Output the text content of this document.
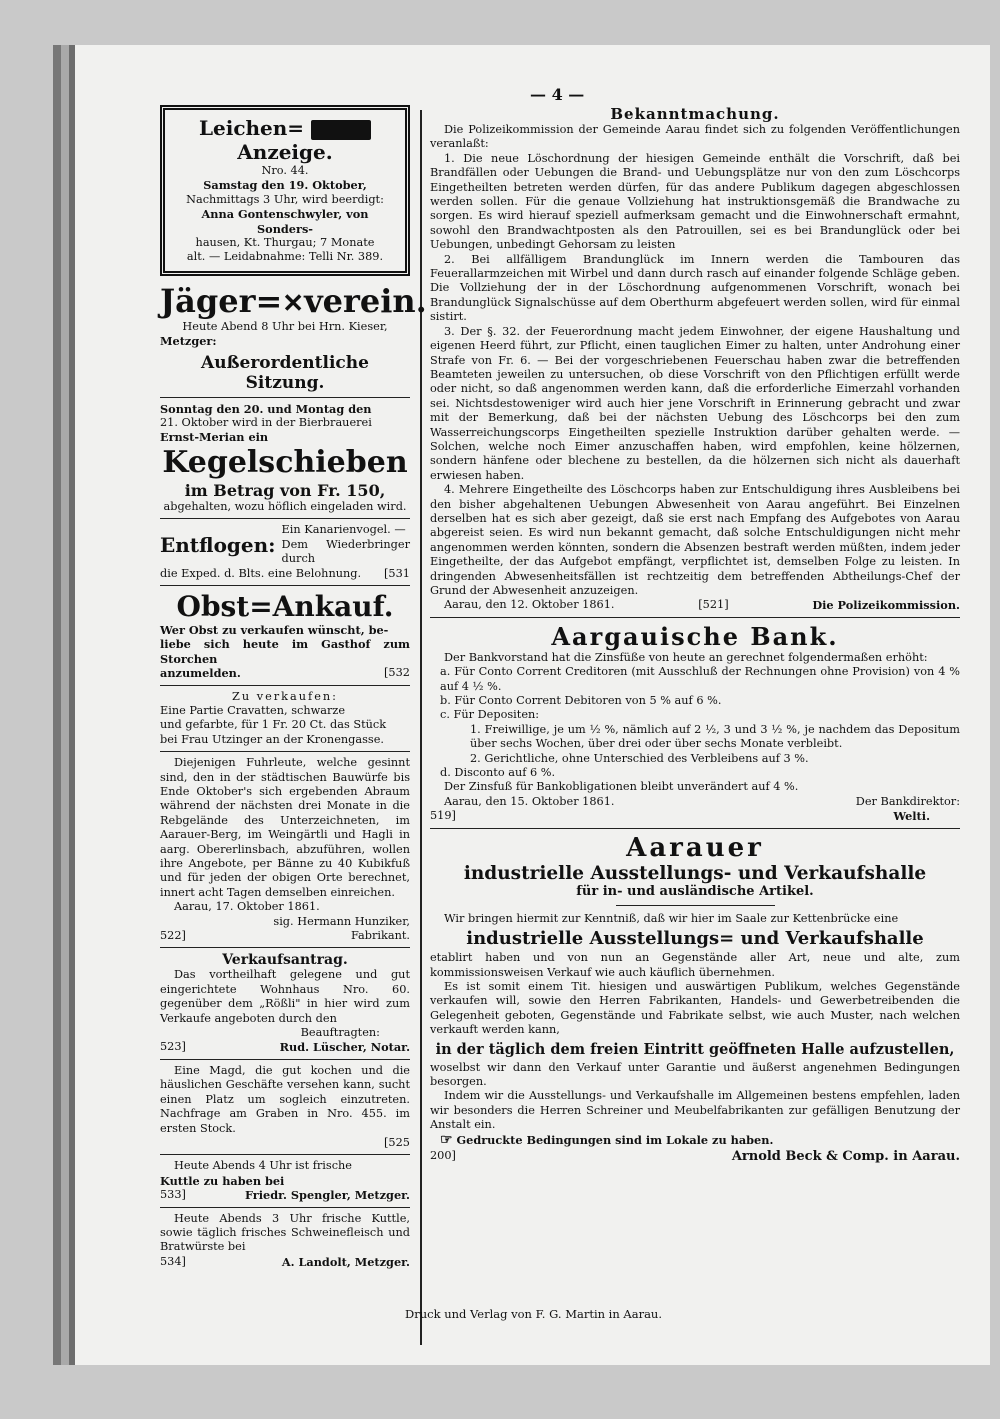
— 4 —
Leichen=  Anzeige.
Nro. 44.
Samstag den 19. Oktober,
Nachmittags 3 Uhr, wird beerdigt:
Anna Gontenschwyler, von Sonders-
hausen, Kt. Thurgau; 7 Monate
alt. — Leidabnahme: Telli Nr. 389.
Jäger=✕verein.
Heute Abend 8 Uhr bei Hrn. Kieser,
Metzger:
Außerordentliche Sitzung.
Sonntag den 20. und Montag den
21. Oktober wird in der Bierbrauerei
Ernst-Merian ein
Kegelschieben
im Betrag von Fr. 150,
abgehalten, wozu höflich eingeladen wird.
Entflogen:
Ein Kanarienvogel. —
Dem Wiederbringer durch
die Exped. d. Blts. eine Belohnung. [531
Obst=Ankauf.
Wer Obst zu verkaufen wünscht, be-
liebe sich heute im Gasthof zum Storchen
anzumelden.	[532
Zu verkaufen:
Eine Partie Cravatten, schwarze
und gefarbte, für 1 Fr. 20 Ct. das Stück
bei Frau Utzinger an der Kronengasse.

Diejenigen Fuhrleute, welche gesinnt sind, den in der städtischen Bauwürfe bis Ende Oktober's sich ergebenden Abraum während der nächsten drei Monate in die Rebgelände des Unterzeichneten, im Aarauer-Berg, im Weingärtli und Hagli in aarg. Obererlinsbach, abzuführen, wollen ihre Angebote, per Bänne zu 40 Kubikfuß und für jeden der obigen Orte berechnet, innert acht Tagen demselben einreichen.

Aarau, 17. Oktober 1861.
sig. Hermann Hunziker,
522]	Fabrikant.
Verkaufsantrag.

Das vortheilhaft gelegene und gut eingerichtete Wohnhaus Nro. 60. gegenüber dem „Rößli" in hier wird zum Verkaufe angeboten durch den

Beauftragten:
523]	Rud. Lüscher, Notar.

Eine Magd, die gut kochen und die häuslichen Geschäfte versehen kann, sucht einen Platz um sogleich einzutreten. Nachfrage am Graben in Nro. 455. im ersten Stock.

[525
Heute Abends 4 Uhr ist frische
Kuttle zu haben bei
533]	Friedr. Spengler, Metzger.

Heute Abends 3 Uhr frische Kuttle, sowie täglich frisches Schweinefleisch und Bratwürste bei

534]	A. Landolt, Metzger.
Bekanntmachung.

Die Polizeikommission der Gemeinde Aarau findet sich zu folgenden Veröffentlichungen veranlaßt:

1. Die neue Löschordnung der hiesigen Gemeinde enthält die Vorschrift, daß bei Brandfällen oder Uebungen die Brand- und Uebungsplätze nur von den zum Löschcorps Eingetheilten betreten werden dürfen, für das andere Publikum dagegen abgeschlossen werden sollen. Für die genaue Vollziehung hat instruktionsgemäß die Brandwache zu sorgen. Es wird hierauf speziell aufmerksam gemacht und die Einwohnerschaft ermahnt, sowohl den Brandwachtposten als den Patrouillen, sei es bei Brandunglück oder bei Uebungen, unbedingt Gehorsam zu leisten

2. Bei allfälligem Brandunglück im Innern werden die Tambouren das Feuerallarmzeichen mit Wirbel und dann durch rasch auf einander folgende Schläge geben. Die Vollziehung der in der Löschordnung aufgenommenen Vorschrift, wonach bei Brandunglück Signalschüsse auf dem Oberthurm abgefeuert werden sollen, wird für einmal sistirt.

3. Der §. 32. der Feuerordnung macht jedem Einwohner, der eigene Haushaltung und eigenen Heerd führt, zur Pflicht, einen tauglichen Eimer zu halten, unter Androhung einer Strafe von Fr. 6. — Bei der vorgeschriebenen Feuerschau haben zwar die betreffenden Beamteten jeweilen zu untersuchen, ob diese Vorschrift von den Pflichtigen erfüllt werde oder nicht, so daß angenommen werden kann, daß die erforderliche Eimerzahl vorhanden sei. Nichtsdestoweniger wird auch hier jene Vorschrift in Erinnerung gebracht und zwar mit der Bemerkung, daß bei der nächsten Uebung des Löschcorps bei den zum Wasserreichungscorps Eingetheilten spezielle Instruktion darüber gehalten werde. — Solchen, welche noch Eimer anzuschaffen haben, wird empfohlen, keine hölzernen, sondern hänfene oder blechene zu bestellen, da die hölzernen sich nicht als dauerhaft erwiesen haben.

4. Mehrere Eingetheilte des Löschcorps haben zur Entschuldigung ihres Ausbleibens bei den bisher abgehaltenen Uebungen Abwesenheit von Aarau angeführt. Bei Einzelnen derselben hat es sich aber gezeigt, daß sie erst nach Empfang des Aufgebotes von Aarau abgereist seien. Es wird nun bekannt gemacht, daß solche Entschuldigungen nicht mehr angenommen werden könnten, sondern die Absenzen bestraft werden müßten, indem jeder Eingetheilte, der das Aufgebot empfängt, verpflichtet ist, demselben Folge zu leisten. In dringenden Abwesenheitsfällen ist rechtzeitig dem betreffenden Abtheilungs-Chef der Grund der Abwesenheit anzuzeigen.

Aarau, den 12. Oktober 1861.	[521]	Die Polizeikommission.
Aargauische Bank.

Der Bankvorstand hat die Zinsfüße von heute an gerechnet folgendermaßen erhöht:

a. Für Conto Corrent Creditoren (mit Ausschluß der Rechnungen ohne Provision) von 4 % auf 4 ½ %.

b. Für Conto Corrent Debitoren von 5 % auf 6 %.

c. Für Depositen:

1. Freiwillige, je um ½ %, nämlich auf 2 ½, 3 und 3 ½ %, je nachdem das Depositum über sechs Wochen, über drei oder über sechs Monate verbleibt.

2. Gerichtliche, ohne Unterschied des Verbleibens auf 3 %.

d. Disconto auf 6 %.

Der Zinsfuß für Bankobligationen bleibt unverändert auf 4 %.

Aarau, den 15. Oktober 1861.	Der Bankdirektor:
519]	Welti.
Aarauer
industrielle Ausstellungs- und Verkaufshalle
für in- und ausländische Artikel.

Wir bringen hiermit zur Kenntniß, daß wir hier im Saale zur Kettenbrücke eine

industrielle Ausstellungs= und Verkaufshalle

etablirt haben und von nun an Gegenstände aller Art, neue und alte, zum kommissionsweisen Verkauf wie auch käuflich übernehmen.

Es ist somit einem Tit. hiesigen und auswärtigen Publikum, welches Gegenstände verkaufen will, sowie den Herren Fabrikanten, Handels- und Gewerbetreibenden die Gelegenheit geboten, Gegenstände und Fabrikate selbst, wie auch Muster, nach welchen verkauft werden kann,

in der täglich dem freien Eintritt geöffneten Halle aufzustellen,

woselbst wir dann den Verkauf unter Garantie und äußerst angenehmen Bedingungen besorgen.

Indem wir die Ausstellungs- und Verkaufshalle im Allgemeinen bestens empfehlen, laden wir besonders die Herren Schreiner und Meubelfabrikanten zur gefälligen Benutzung der Anstalt ein.

☞ Gedruckte Bedingungen sind im Lokale zu haben.
200]	Arnold Beck & Comp. in Aarau.
Druck und Verlag von F. G. Martin in Aarau.
